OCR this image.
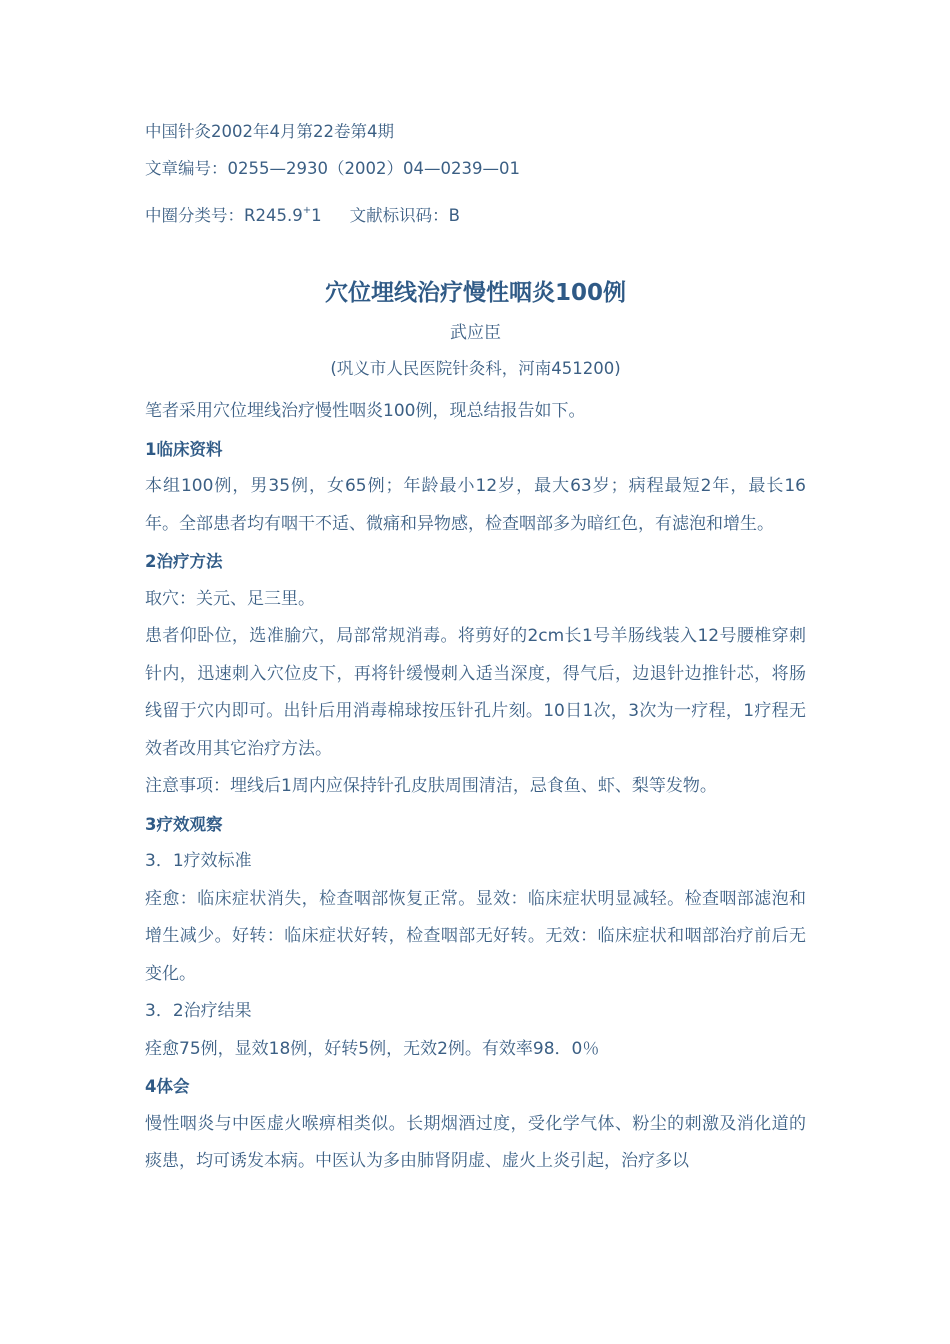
中国针灸2002年4月第22卷第4期

文章编号：0255—2930（2002）04—0239—01

中圈分类号：R245.9+1 文献标识码：B

穴位埋线治疗慢性咽炎100例

武应臣

(巩义市人民医院针灸科，河南451200)

笔者采用穴位埋线治疗慢性咽炎100例，现总结报告如下。

1临床资料

本组100例，男35例，女65例；年龄最小12岁，最大63岁；病程最短2年，最长16年。全部患者均有咽干不适、微痛和异物感，检查咽部多为暗红色，有滤泡和增生。

2治疗方法

取穴：关元、足三里。

患者仰卧位，选准腧穴，局部常规消毒。将剪好的2cm长1号羊肠线装入12号腰椎穿刺针内，迅速刺入穴位皮下，再将针缓慢刺入适当深度，得气后，边退针边推针芯，将肠线留于穴内即可。出针后用消毒棉球按压针孔片刻。10日1次，3次为一疗程，1疗程无效者改用其它治疗方法。

注意事项：埋线后1周内应保持针孔皮肤周围清洁，忌食鱼、虾、梨等发物。

3疗效观察

3．1疗效标准

痊愈：临床症状消失，检查咽部恢复正常。显效：临床症状明显减轻。检查咽部滤泡和增生减少。好转：临床症状好转，检查咽部无好转。无效：临床症状和咽部治疗前后无变化。

3．2治疗结果

痊愈75例，显效18例，好转5例，无效2例。有效率98．0％

4体会

慢性咽炎与中医虚火喉痹相类似。长期烟酒过度，受化学气体、粉尘的刺激及消化道的痰患，均可诱发本病。中医认为多由肺肾阴虚、虚火上炎引起，治疗多以
